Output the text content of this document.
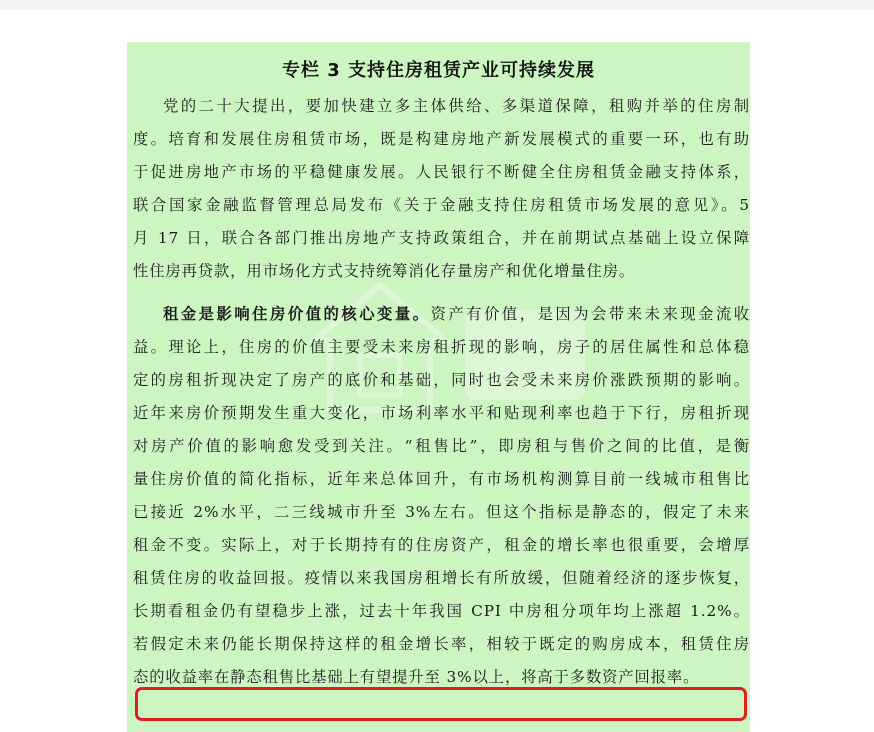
专栏 3 支持住房租赁产业可持续发展
党的二十大提出，要加快建立多主体供给、多渠道保障，租购并举的住房制
度。培育和发展住房租赁市场，既是构建房地产新发展模式的重要一环，也有助
于促进房地产市场的平稳健康发展。人民银行不断健全住房租赁金融支持体系，
联合国家金融监督管理总局发布《关于金融支持住房租赁市场发展的意见》。5
月 17 日，联合各部门推出房地产支持政策组合，并在前期试点基础上设立保障
性住房再贷款，用市场化方式支持统筹消化存量房产和优化增量住房。
租金是影响住房价值的核心变量。资产有价值，是因为会带来未来现金流收
益。理论上，住房的价值主要受未来房租折现的影响，房子的居住属性和总体稳
定的房租折现决定了房产的底价和基础，同时也会受未来房价涨跌预期的影响。
近年来房价预期发生重大变化，市场利率水平和贴现利率也趋于下行，房租折现
对房产价值的影响愈发受到关注。“租售比”，即房租与售价之间的比值，是衡
量住房价值的简化指标，近年来总体回升，有市场机构测算目前一线城市租售比
已接近 2%水平，二三线城市升至 3%左右。但这个指标是静态的，假定了未来
租金不变。实际上，对于长期持有的住房资产，租金的增长率也很重要，会增厚
租赁住房的收益回报。疫情以来我国房租增长有所放缓，但随着经济的逐步恢复，
长期看租金仍有望稳步上涨，过去十年我国 CPI 中房租分项年均上涨超 1.2%。
若假定未来仍能长期保持这样的租金增长率，相较于既定的购房成本，租赁住房
态的收益率在静态租售比基础上有望提升至 3%以上，将高于多数资产回报率。
